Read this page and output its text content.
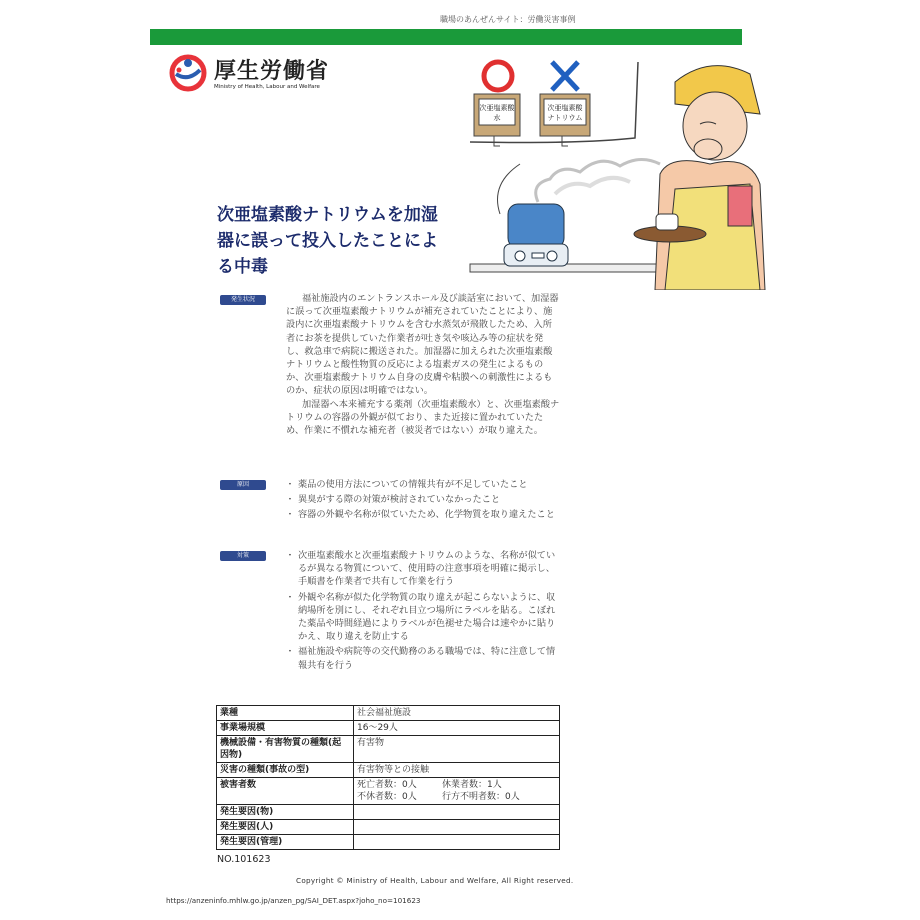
職場のあんぜんサイト：労働災害事例
厚生労働省
Ministry of Health, Labour and Welfare
次亜塩素酸
水
次亜塩素酸
ナトリウム
次亜塩素酸ナトリウムを加湿器に誤って投入したことによる中毒
発生状況	福祉施設内のエントランスホール及び談話室において、加湿器に誤って次亜塩素酸ナトリウムが補充されていたことにより、施設内に次亜塩素酸ナトリウムを含む水蒸気が飛散したため、入所者にお茶を提供していた作業者が吐き気や咳込み等の症状を発し、救急車で病院に搬送された。加湿器に加えられた次亜塩素酸ナトリウムと酸性物質の反応による塩素ガスの発生によるものか、次亜塩素酸ナトリウム自身の皮膚や粘膜への刺激性によるものか、症状の原因は明確ではない。

加湿器へ本来補充する薬剤（次亜塩素酸水）と、次亜塩素酸ナトリウムの容器の外観が似ており、また近接に置かれていたため、作業に不慣れな補充者（被災者ではない）が取り違えた。

原因	・ 薬品の使用方法についての情報共有が不足していたこと
・ 異臭がする際の対策が検討されていなかったこと
・ 容器の外観や名称が似ていたため、化学物質を取り違えたこと
対策	・ 次亜塩素酸水と次亜塩素酸ナトリウムのような、名称が似ているが異なる物質について、使用時の注意事項を明確に掲示し、手順書を作業者で共有して作業を行う
・ 外観や名称が似た化学物質の取り違えが起こらないように、収納場所を別にし、それぞれ目立つ場所にラベルを貼る。こぼれた薬品や時間経過によりラベルが色褪せた場合は速やかに貼りかえ、取り違えを防止する
・ 福祉施設や病院等の交代勤務のある職場では、特に注意して情報共有を行う
業種	社会福祉施設
事業場規模	16～29人
機械設備・有害物質の種類(起因物)	有害物
災害の種類(事故の型)	有害物等との接触
被害者数	死亡者数：0人 休業者数：1人
不休者数：0人 行方不明者数：0人

発生要因(物)	
発生要因(人)	
発生要因(管理)	
NO.101623
Copyright © Ministry of Health, Labour and Welfare, All Right reserved.
https://anzeninfo.mhlw.go.jp/anzen_pg/SAI_DET.aspx?joho_no=101623
